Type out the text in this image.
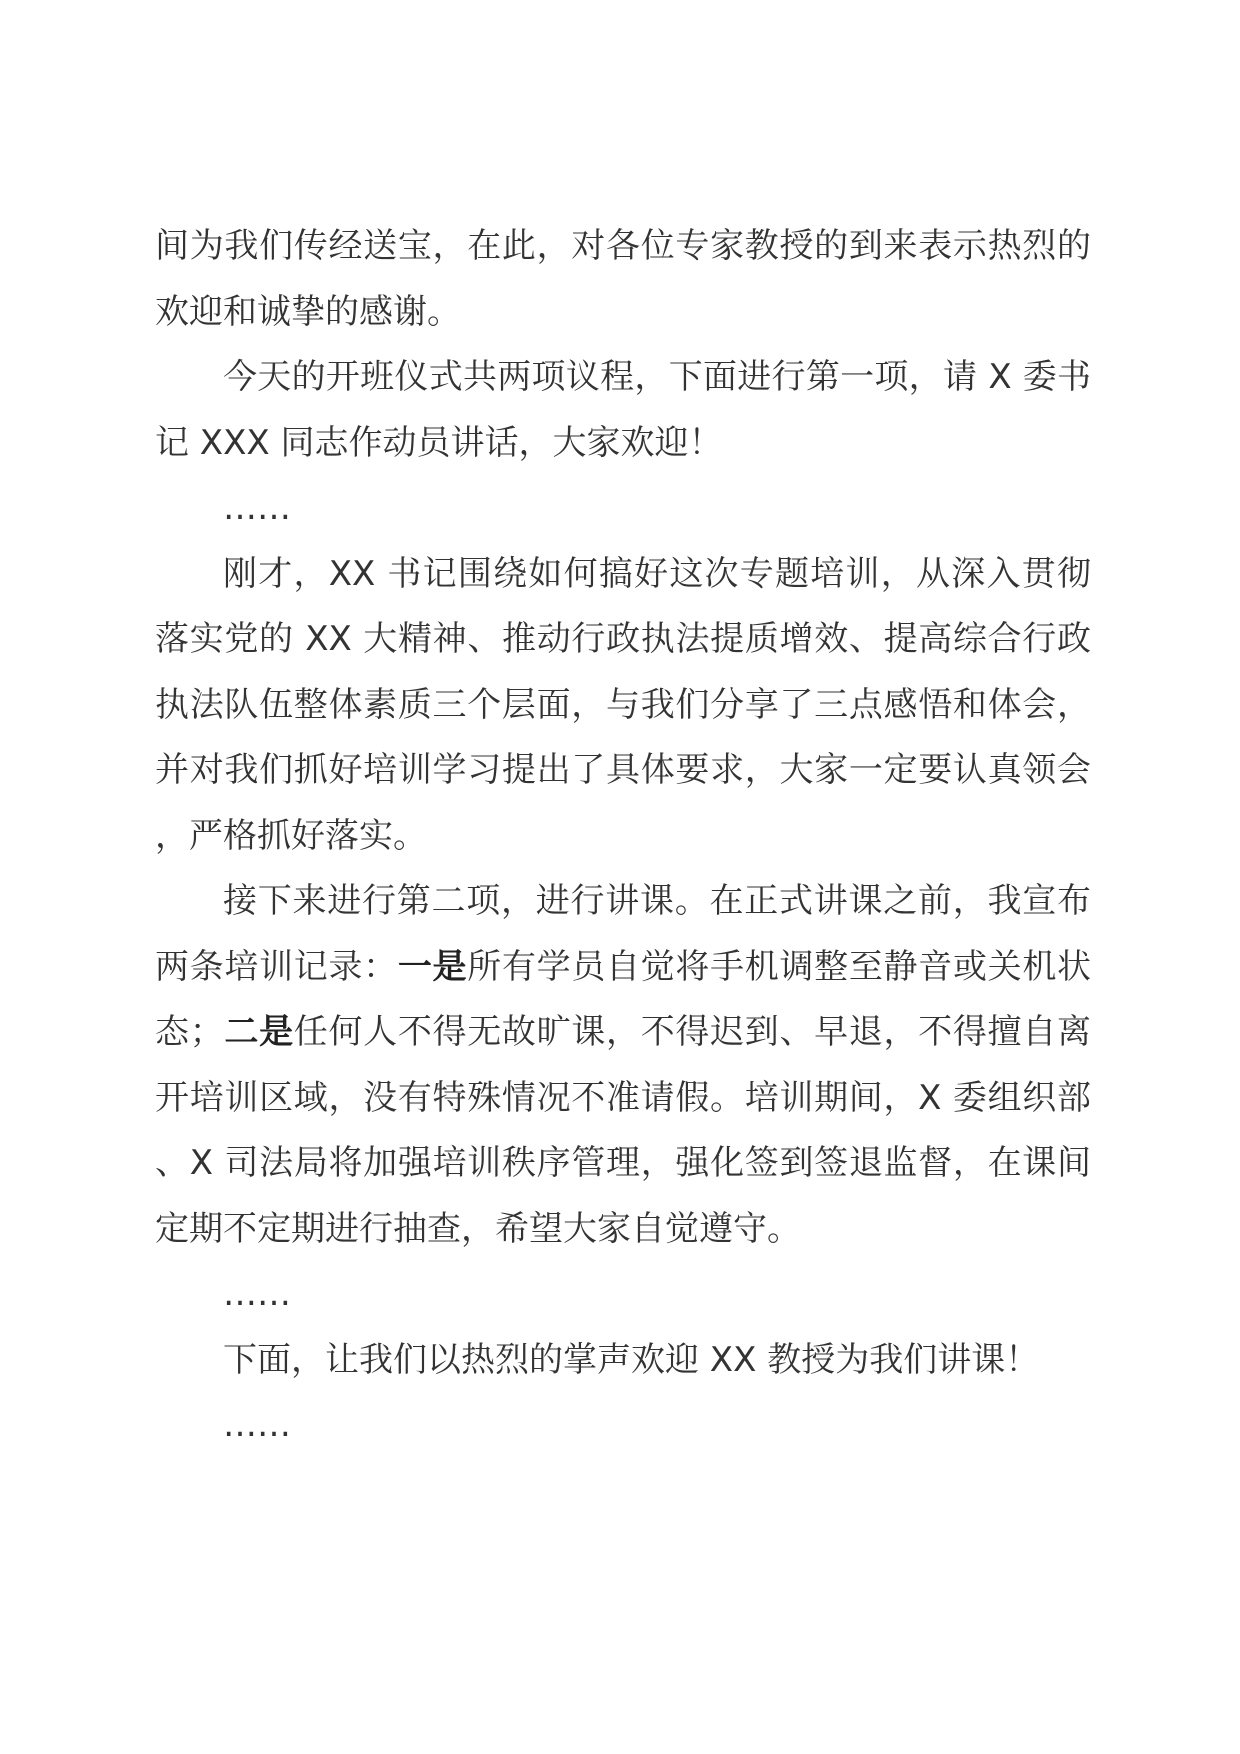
间为我们传经送宝，在此，对各位专家教授的到来表示热烈的欢迎和诚挚的感谢。

今天的开班仪式共两项议程，下面进行第一项，请 X 委书记 XXX 同志作动员讲话，大家欢迎！

……

刚才，XX 书记围绕如何搞好这次专题培训，从深入贯彻落实党的 XX 大精神、推动行政执法提质增效、提高综合行政执法队伍整体素质三个层面，与我们分享了三点感悟和体会，并对我们抓好培训学习提出了具体要求，大家一定要认真领会，严格抓好落实。

接下来进行第二项，进行讲课。在正式讲课之前，我宣布两条培训记录：一是所有学员自觉将手机调整至静音或关机状态；二是任何人不得无故旷课，不得迟到、早退，不得擅自离开培训区域，没有特殊情况不准请假。培训期间，X 委组织部、X 司法局将加强培训秩序管理，强化签到签退监督，在课间定期不定期进行抽查，希望大家自觉遵守。

……

下面，让我们以热烈的掌声欢迎 XX 教授为我们讲课！

……
